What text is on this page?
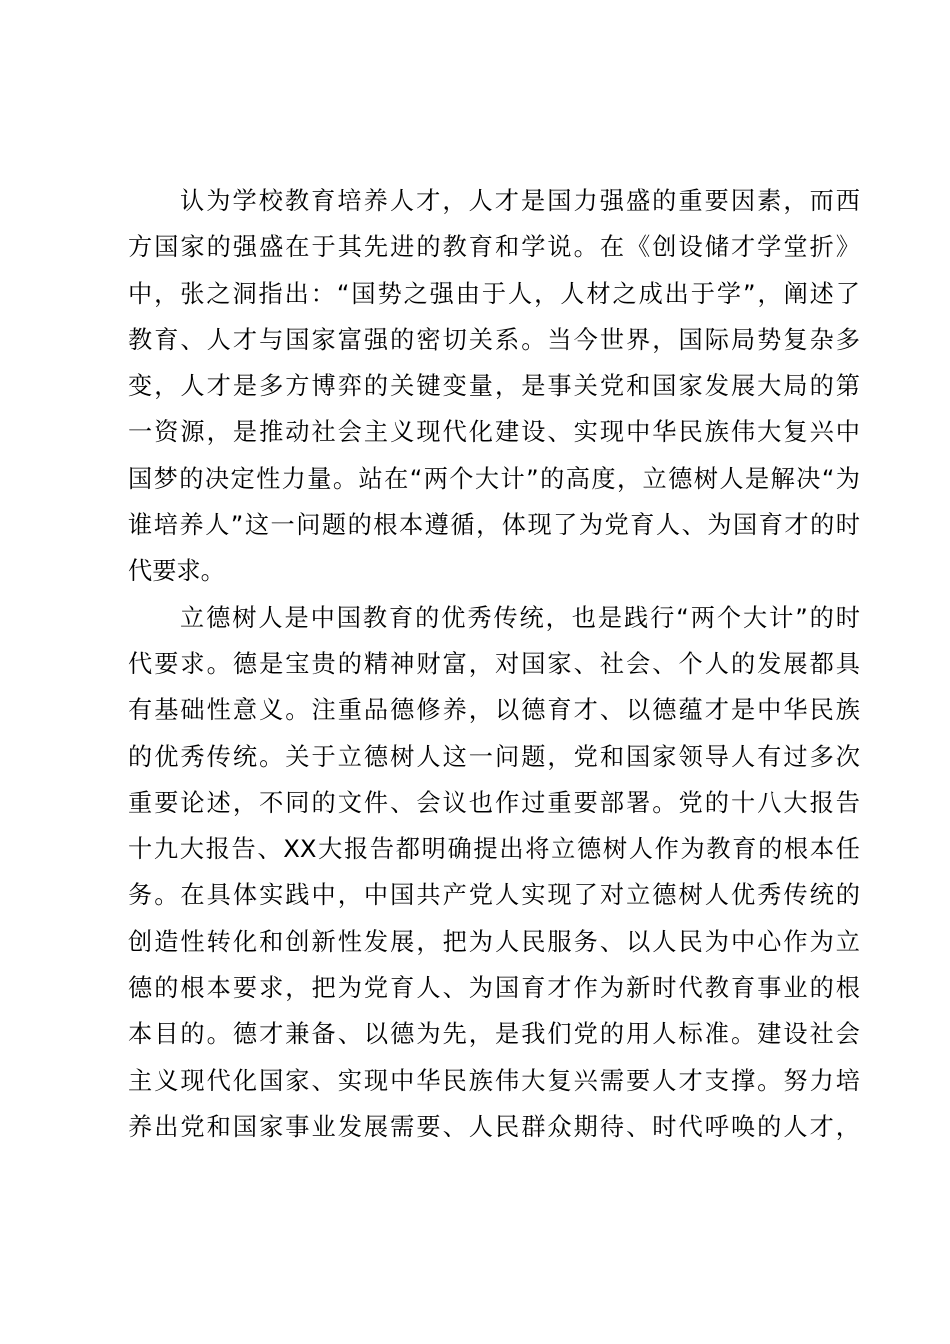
认为学校教育培养人才，人才是国力强盛的重要因素，而西
方国家的强盛在于其先进的教育和学说。在《创设储才学堂折》
中，张之洞指出：“国势之强由于人，人材之成出于学”，阐述了
教育、人才与国家富强的密切关系。当今世界，国际局势复杂多
变，人才是多方博弈的关键变量，是事关党和国家发展大局的第
一资源，是推动社会主义现代化建设、实现中华民族伟大复兴中
国梦的决定性力量。站在“两个大计”的高度，立德树人是解决“为
谁培养人”这一问题的根本遵循，体现了为党育人、为国育才的时
代要求。
立德树人是中国教育的优秀传统，也是践行“两个大计”的时
代要求。德是宝贵的精神财富，对国家、社会、个人的发展都具
有基础性意义。注重品德修养，以德育才、以德蕴才是中华民族
的优秀传统。关于立德树人这一问题，党和国家领导人有过多次
重要论述，不同的文件、会议也作过重要部署。党的十八大报告
十九大报告、XX大报告都明确提出将立德树人作为教育的根本任
务。在具体实践中，中国共产党人实现了对立德树人优秀传统的
创造性转化和创新性发展，把为人民服务、以人民为中心作为立
德的根本要求，把为党育人、为国育才作为新时代教育事业的根
本目的。德才兼备、以德为先，是我们党的用人标准。建设社会
主义现代化国家、实现中华民族伟大复兴需要人才支撑。努力培
养出党和国家事业发展需要、人民群众期待、时代呼唤的人才，
